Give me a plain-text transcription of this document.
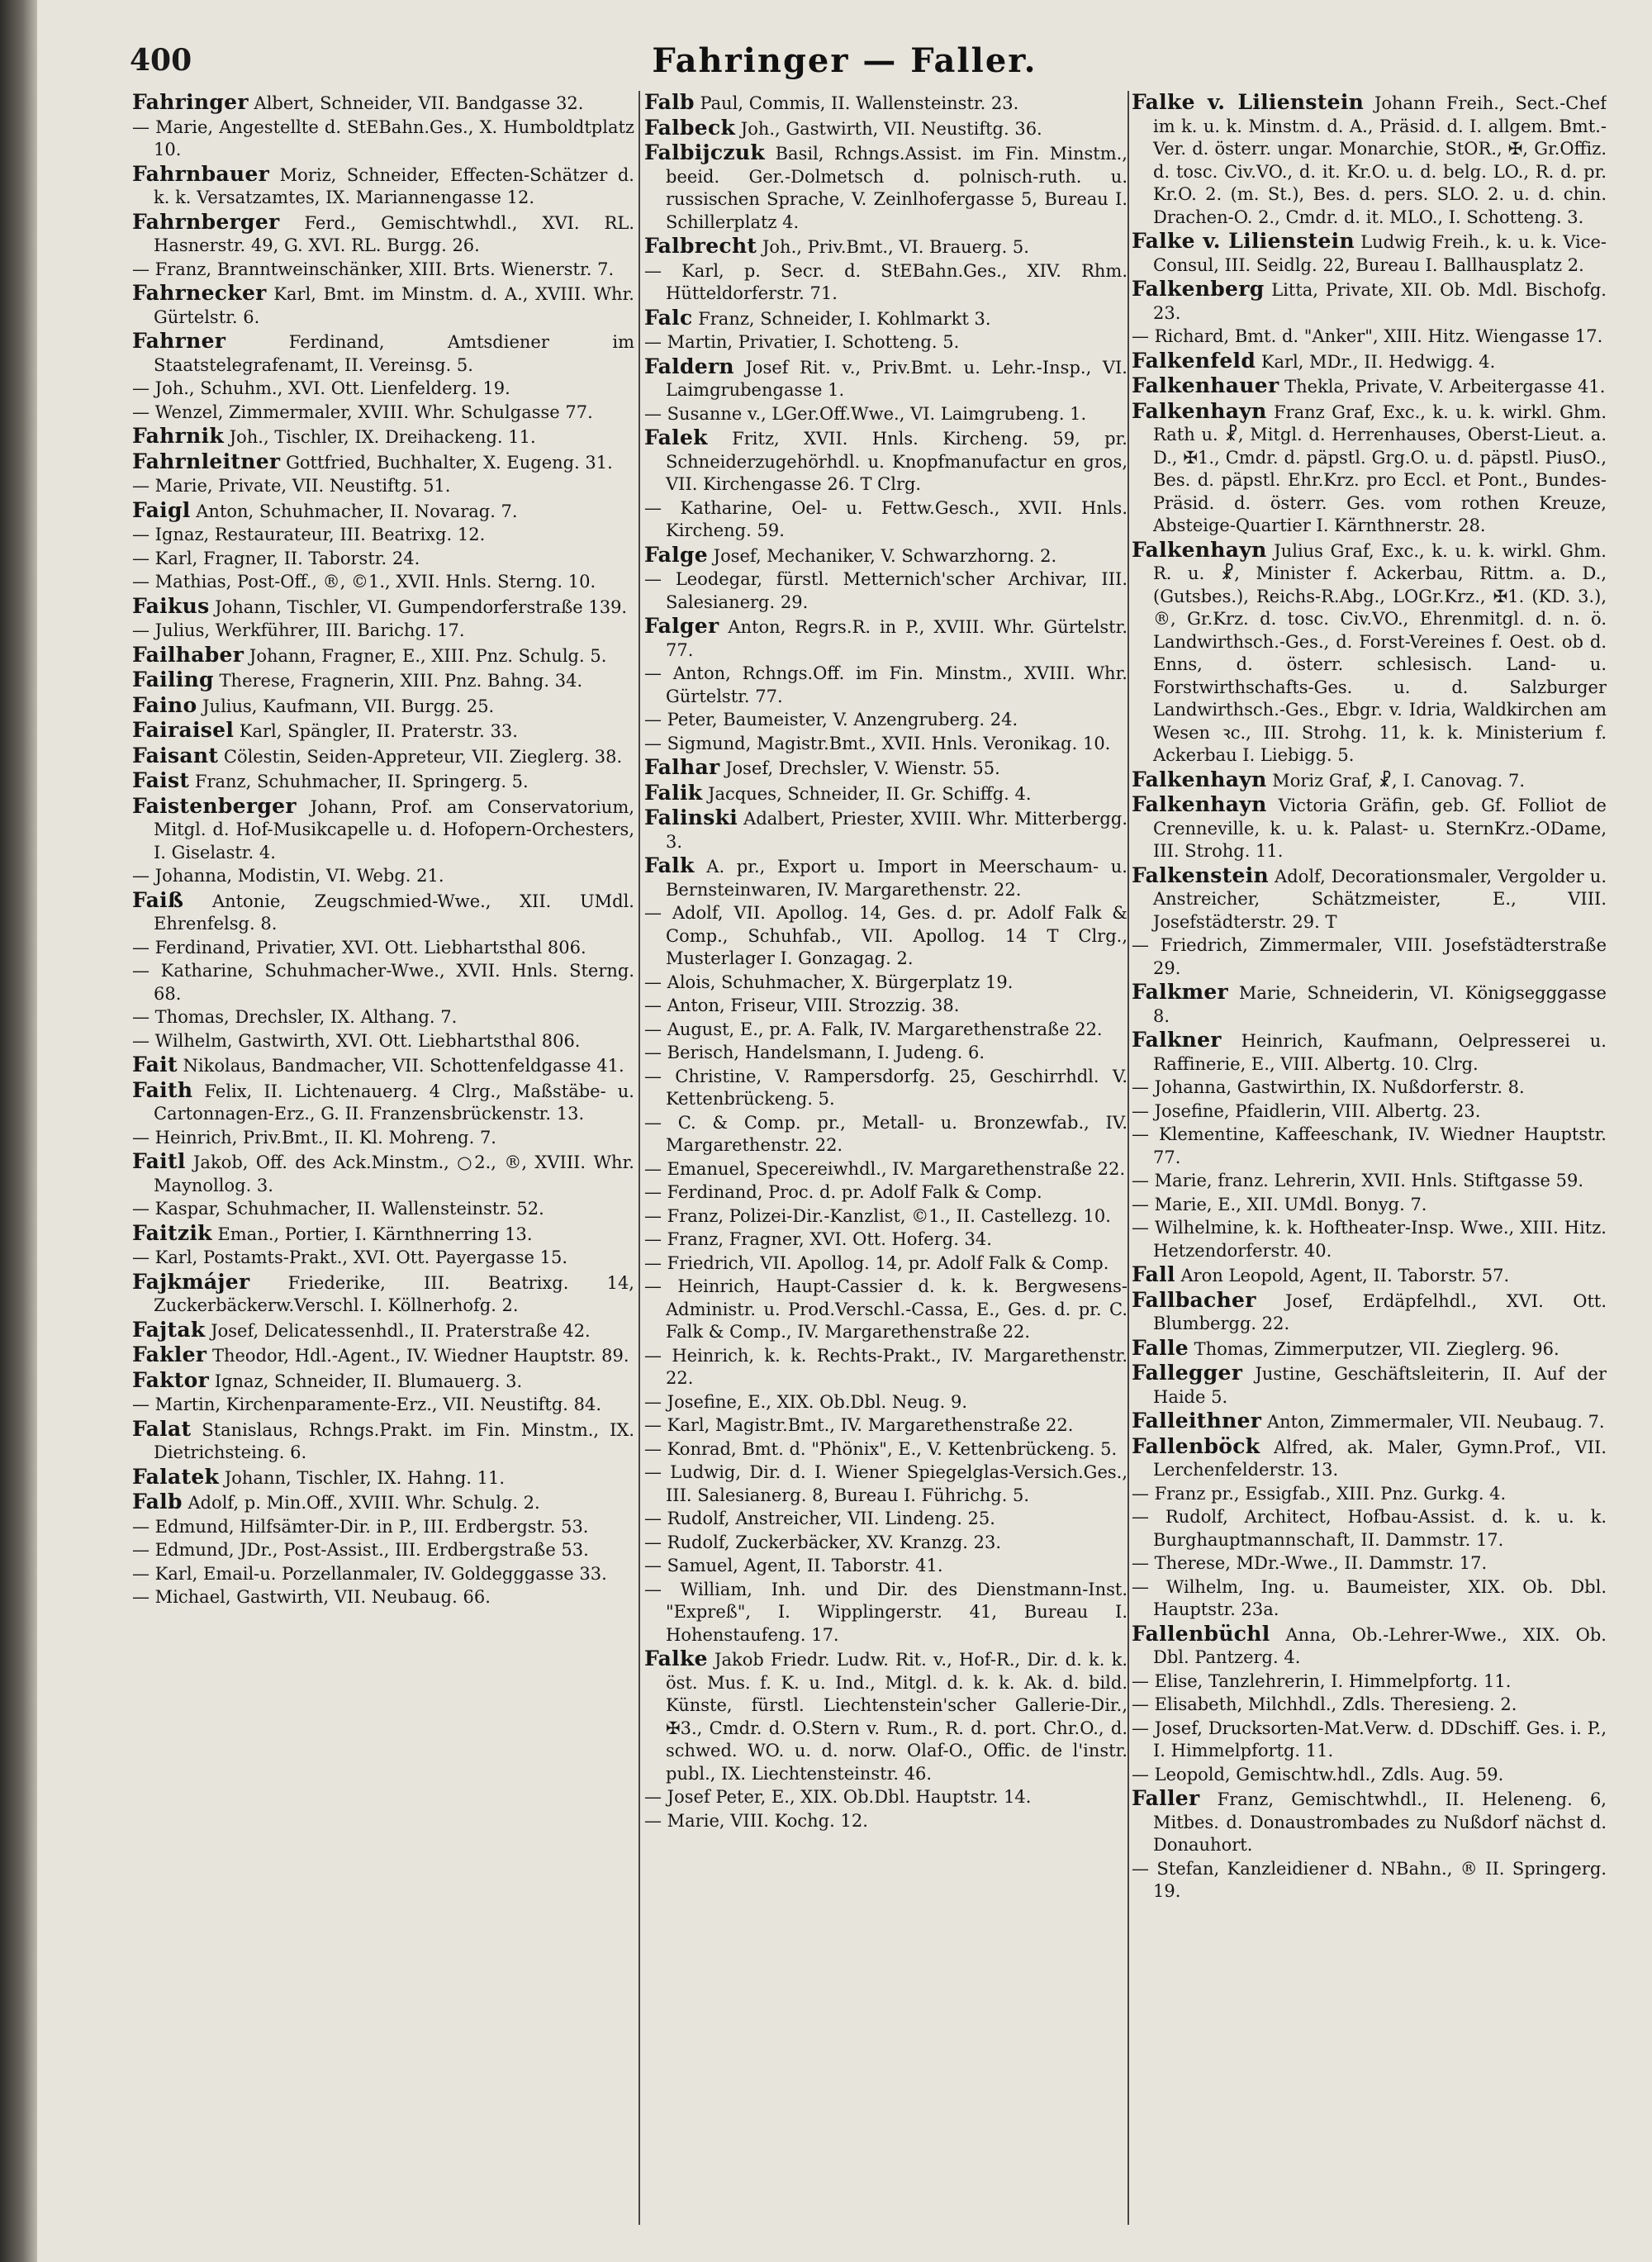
400	Fahringer — Faller.
Fahringer Albert, Schneider, VII. Bandgasse 32.
— Marie, Angestellte d. StEBahn.Ges., X. Humboldtplatz 10.
Fahrnbauer Moriz, Schneider, Effecten-Schätzer d. k. k. Versatzamtes, IX. Mariannengasse 12.
Fahrnberger Ferd., Gemischtwhdl., XVI. RL. Hasnerstr. 49, G. XVI. RL. Burgg. 26.
— Franz, Branntweinschänker, XIII. Brts. Wienerstr. 7.
Fahrnecker Karl, Bmt. im Minstm. d. A., XVIII. Whr. Gürtelstr. 6.
Fahrner	Ferdinand, Amtsdiener im Staatstelegrafenamt, II. Vereinsg. 5.
— Joh., Schuhm., XVI. Ott. Lienfelderg. 19.
— Wenzel, Zimmermaler, XVIII. Whr. Schulgasse 77.
Fahrnik Joh., Tischler, IX. Dreihackeng. 11.
Fahrnleitner Gottfried, Buchhalter, X. Eugeng. 31.
— Marie, Private, VII. Neustiftg. 51.
Faigl Anton, Schuhmacher, II. Novarag. 7.
— Ignaz, Restaurateur, III. Beatrixg. 12.
— Karl, Fragner, II. Taborstr. 24.
— Mathias, Post-Off., ®, ©1., XVII. Hnls. Sterng. 10.
Faikus Johann, Tischler, VI. Gumpendorferstraße 139.
— Julius, Werkführer, III. Barichg. 17.
Failhaber Johann, Fragner, E., XIII. Pnz. Schulg. 5.
Failing Therese, Fragnerin, XIII. Pnz. Bahng. 34.
Faino Julius, Kaufmann, VII. Burgg. 25.
Fairaisel Karl, Spängler, II. Praterstr. 33.
Faisant Cölestin, Seiden-Appreteur, VII. Zieglerg. 38.
Faist Franz, Schuhmacher, II. Springerg. 5.
Faistenberger Johann, Prof. am Conservatorium, Mitgl. d. Hof-Musikcapelle u. d. Hofopern-Orchesters, I. Giselastr. 4.
— Johanna, Modistin, VI. Webg. 21.
Faiß Antonie, Zeugschmied-Wwe., XII. UMdl. Ehrenfelsg. 8.
— Ferdinand, Privatier, XVI. Ott. Liebhartsthal 806.
— Katharine, Schuhmacher-Wwe., XVII. Hnls. Sterng. 68.
— Thomas, Drechsler, IX. Althang. 7.
— Wilhelm, Gastwirth, XVI. Ott. Liebhartsthal 806.
Fait Nikolaus, Bandmacher, VII. Schottenfeldgasse 41.
Faith Felix, II. Lichtenauerg. 4 Clrg., Maßstäbe- u. Cartonnagen-Erz., G. II. Franzensbrückenstr. 13.
— Heinrich, Priv.Bmt., II. Kl. Mohreng. 7.
Faitl Jakob, Off. des Ack.Minstm., ○2., ®, XVIII. Whr. Maynollog. 3.
— Kaspar, Schuhmacher, II. Wallensteinstr. 52.
Faitzik Eman., Portier, I. Kärnthnerring 13.
— Karl, Postamts-Prakt., XVI. Ott. Payergasse 15.
Fajkmájer Friederike, III. Beatrixg. 14, Zuckerbäckerw.Verschl. I. Köllnerhofg. 2.
Fajtak Josef, Delicatessenhdl., II. Praterstraße 42.
Fakler Theodor, Hdl.-Agent., IV. Wiedner Hauptstr. 89.
Faktor Ignaz, Schneider, II. Blumauerg. 3.
— Martin, Kirchenparamente-Erz., VII. Neustiftg. 84.
Falat Stanislaus, Rchngs.Prakt. im Fin. Minstm., IX. Dietrichsteing. 6.
Falatek Johann, Tischler, IX. Hahng. 11.
Falb Adolf, p. Min.Off., XVIII. Whr. Schulg. 2.
— Edmund, Hilfsämter-Dir. in P., III. Erdbergstr. 53.
— Edmund, JDr., Post-Assist., III. Erdbergstraße 53.
— Karl, Email-u. Porzellanmaler, IV. Goldegggasse 33.
— Michael, Gastwirth, VII. Neubaug. 66.
Falb Paul, Commis, II. Wallensteinstr. 23.
Falbeck Joh., Gastwirth, VII. Neustiftg. 36.
Falbijczuk Basil, Rchngs.Assist. im Fin. Minstm., beeid. Ger.-Dolmetsch d. polnisch-ruth. u. russischen Sprache, V. Zeinlhofergasse 5, Bureau I. Schillerplatz 4.
Falbrecht Joh., Priv.Bmt., VI. Brauerg. 5.
— Karl, p. Secr. d. StEBahn.Ges., XIV. Rhm. Hütteldorferstr. 71.
Falc Franz, Schneider, I. Kohlmarkt 3.
— Martin, Privatier, I. Schotteng. 5.
Faldern Josef Rit. v., Priv.Bmt. u. Lehr.-Insp., VI. Laimgrubengasse 1.
— Susanne v., LGer.Off.Wwe., VI. Laimgrubeng. 1.
Falek Fritz, XVII. Hnls. Kircheng. 59, pr. Schneiderzugehörhdl. u. Knopfmanufactur en gros, VII. Kirchengasse 26. T Clrg.
— Katharine, Oel- u. Fettw.Gesch., XVII. Hnls. Kircheng. 59.
Falge Josef, Mechaniker, V. Schwarzhorng. 2.
— Leodegar, fürstl. Metternich'scher Archivar, III. Salesianerg. 29.
Falger Anton, Regrs.R. in P., XVIII. Whr. Gürtelstr. 77.
— Anton, Rchngs.Off. im Fin. Minstm., XVIII. Whr. Gürtelstr. 77.
— Peter, Baumeister, V. Anzengruberg. 24.
— Sigmund, Magistr.Bmt., XVII. Hnls. Veronikag. 10.
Falhar Josef, Drechsler, V. Wienstr. 55.
Falik Jacques, Schneider, II. Gr. Schiffg. 4.
Falinski Adalbert, Priester, XVIII. Whr. Mitterbergg. 3.
Falk A. pr., Export u. Import in Meerschaum- u. Bernsteinwaren, IV. Margarethenstr. 22.
— Adolf, VII. Apollog. 14, Ges. d. pr. Adolf Falk & Comp., Schuhfab., VII. Apollog. 14 T Clrg., Musterlager I. Gonzagag. 2.
— Alois, Schuhmacher, X. Bürgerplatz 19.
— Anton, Friseur, VIII. Strozzig. 38.
— August, E., pr. A. Falk, IV. Margarethenstraße 22.
— Berisch, Handelsmann, I. Judeng. 6.
— Christine, V. Rampersdorfg. 25, Geschirrhdl. V. Kettenbrückeng. 5.
— C. & Comp. pr., Metall- u. Bronzewfab., IV. Margarethenstr. 22.
— Emanuel, Specereiwhdl., IV. Margarethenstraße 22.
— Ferdinand, Proc. d. pr. Adolf Falk & Comp.
— Franz, Polizei-Dir.-Kanzlist, ©1., II. Castellezg. 10.
— Franz, Fragner, XVI. Ott. Hoferg. 34.
— Friedrich, VII. Apollog. 14, pr. Adolf Falk & Comp.
— Heinrich, Haupt-Cassier d. k. k. Bergwesens-Administr. u. Prod.Verschl.-Cassa, E., Ges. d. pr. C. Falk & Comp., IV. Margarethenstraße 22.
— Heinrich, k. k. Rechts-Prakt., IV. Margarethenstr. 22.
— Josefine, E., XIX. Ob.Dbl. Neug. 9.
— Karl, Magistr.Bmt., IV. Margarethenstraße 22.
— Konrad, Bmt. d. "Phönix", E., V. Kettenbrückeng. 5.
— Ludwig, Dir. d. I. Wiener Spiegelglas-Versich.Ges., III. Salesianerg. 8, Bureau I. Führichg. 5.
— Rudolf, Anstreicher, VII. Lindeng. 25.
— Rudolf, Zuckerbäcker, XV. Kranzg. 23.
— Samuel, Agent, II. Taborstr. 41.
— William, Inh. und Dir. des Dienstmann-Inst. "Expreß", I. Wipplingerstr. 41, Bureau I. Hohenstaufeng. 17.
Falke Jakob Friedr. Ludw. Rit. v., Hof-R., Dir. d. k. k. öst. Mus. f. K. u. Ind., Mitgl. d. k. k. Ak. d. bild. Künste, fürstl. Liechtenstein'scher Gallerie-Dir., ✠3., Cmdr. d. O.Stern v. Rum., R. d. port. Chr.O., d. schwed. WO. u. d. norw. Olaf-O., Offic. de l'instr. publ., IX. Liechtensteinstr. 46.
— Josef Peter, E., XIX. Ob.Dbl. Hauptstr. 14.
— Marie, VIII. Kochg. 12.
Falke v. Lilienstein Johann Freih., Sect.-Chef im k. u. k. Minstm. d. A., Präsid. d. I. allgem. Bmt.-Ver. d. österr. ungar. Monarchie, StOR., ✠, Gr.Offiz. d. tosc. Civ.VO., d. it. Kr.O. u. d. belg. LO., R. d. pr. Kr.O. 2. (m. St.), Bes. d. pers. SLO. 2. u. d. chin. Drachen-O. 2., Cmdr. d. it. MLO., I. Schotteng. 3.
Falke v. Lilienstein Ludwig Freih., k. u. k. Vice-Consul, III. Seidlg. 22, Bureau I. Ballhausplatz 2.
Falkenberg Litta, Private, XII. Ob. Mdl. Bischofg. 23.
— Richard, Bmt. d. "Anker", XIII. Hitz. Wiengasse 17.
Falkenfeld Karl, MDr., II. Hedwigg. 4.
Falkenhauer Thekla, Private, V. Arbeitergasse 41.
Falkenhayn Franz Graf, Exc., k. u. k. wirkl. Ghm. Rath u. ☧, Mitgl. d. Herrenhauses, Oberst-Lieut. a. D., ✠1., Cmdr. d. päpstl. Grg.O. u. d. päpstl. PiusO., Bes. d. päpstl. Ehr.Krz. pro Eccl. et Pont., Bundes-Präsid. d. österr. Ges. vom rothen Kreuze, Absteige-Quartier I. Kärnthnerstr. 28.
Falkenhayn Julius Graf, Exc., k. u. k. wirkl. Ghm. R. u. ☧, Minister f. Ackerbau, Rittm. a. D., (Gutsbes.), Reichs-R.Abg., LOGr.Krz., ✠1. (KD. 3.), ®, Gr.Krz. d. tosc. Civ.VO., Ehrenmitgl. d. n. ö. Landwirthsch.-Ges., d. Forst-Vereines f. Oest. ob d. Enns, d. österr. schlesisch. Land- u. Forstwirthschafts-Ges. u. d. Salzburger Landwirthsch.-Ges., Ebgr. v. Idria, Waldkirchen am Wesen ꝛc., III. Strohg. 11, k. k. Ministerium f. Ackerbau I. Liebigg. 5.
Falkenhayn Moriz Graf, ☧, I. Canovag. 7.
Falkenhayn Victoria Gräfin, geb. Gf. Folliot de Crenneville, k. u. k. Palast- u. SternKrz.-ODame, III. Strohg. 11.
Falkenstein Adolf, Decorationsmaler, Vergolder u. Anstreicher, Schätzmeister, E., VIII. Josefstädterstr. 29. T
— Friedrich, Zimmermaler, VIII. Josefstädterstraße 29.
Falkmer Marie, Schneiderin, VI. Königsegggasse 8.
Falkner Heinrich, Kaufmann, Oelpresserei u. Raffinerie, E., VIII. Albertg. 10. Clrg.
— Johanna, Gastwirthin, IX. Nußdorferstr. 8.
— Josefine, Pfaidlerin, VIII. Albertg. 23.
— Klementine, Kaffeeschank, IV. Wiedner Hauptstr. 77.
— Marie, franz. Lehrerin, XVII. Hnls. Stiftgasse 59.
— Marie, E., XII. UMdl. Bonyg. 7.
— Wilhelmine, k. k. Hoftheater-Insp. Wwe., XIII. Hitz. Hetzendorferstr. 40.
Fall Aron Leopold, Agent, II. Taborstr. 57.
Fallbacher Josef, Erdäpfelhdl., XVI. Ott. Blumbergg. 22.
Falle Thomas, Zimmerputzer, VII. Zieglerg. 96.
Fallegger Justine, Geschäftsleiterin, II. Auf der Haide 5.
Falleithner Anton, Zimmermaler, VII. Neubaug. 7.
Fallenböck Alfred, ak. Maler, Gymn.Prof., VII. Lerchenfelderstr. 13.
— Franz pr., Essigfab., XIII. Pnz. Gurkg. 4.
— Rudolf, Architect, Hofbau-Assist. d. k. u. k. Burghauptmannschaft, II. Dammstr. 17.
— Therese, MDr.-Wwe., II. Dammstr. 17.
— Wilhelm, Ing. u. Baumeister, XIX. Ob. Dbl. Hauptstr. 23a.
Fallenbüchl Anna, Ob.-Lehrer-Wwe., XIX. Ob. Dbl. Pantzerg. 4.
— Elise, Tanzlehrerin, I. Himmelpfortg. 11.
— Elisabeth, Milchhdl., Zdls. Theresieng. 2.
— Josef, Drucksorten-Mat.Verw. d. DDschiff. Ges. i. P., I. Himmelpfortg. 11.
— Leopold, Gemischtw.hdl., Zdls. Aug. 59.
Faller Franz, Gemischtwhdl., II. Heleneng. 6, Mitbes. d. Donaustrombades zu Nußdorf nächst d. Donauhort.
— Stefan, Kanzleidiener d. NBahn., ® II. Springerg. 19.
